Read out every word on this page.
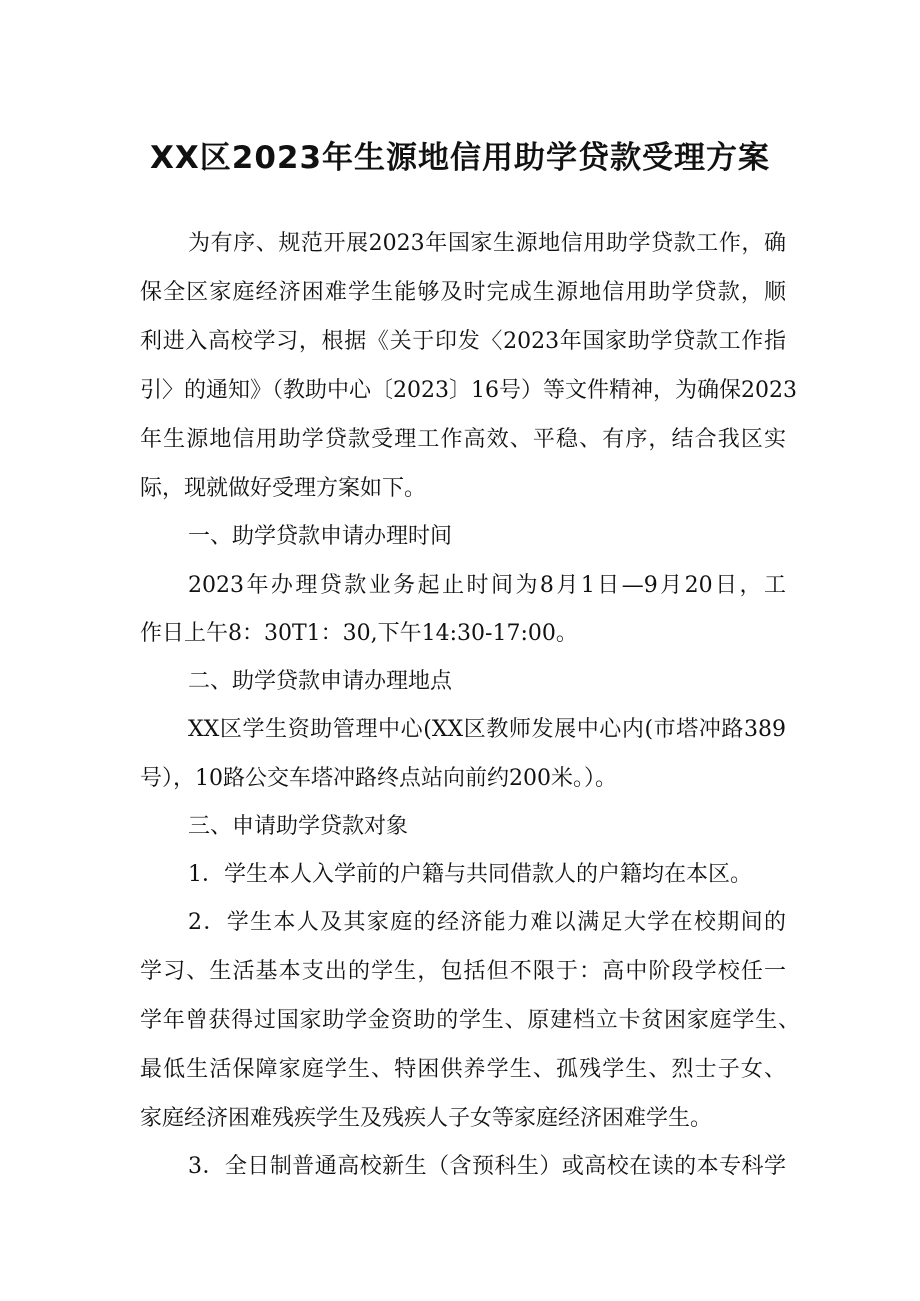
XX区2023年生源地信用助学贷款受理方案
为有序、规范开展2023年国家生源地信用助学贷款工作，确
保全区家庭经济困难学生能够及时完成生源地信用助学贷款，顺
利进入高校学习，根据《关于印发〈2023年国家助学贷款工作指
引〉的通知》（教助中心〔2023〕16号）等文件精神，为确保2023
年生源地信用助学贷款受理工作高效、平稳、有序，结合我区实
际，现就做好受理方案如下。
一、助学贷款申请办理时间
2023年办理贷款业务起止时间为8月1日—9月20日，工
作日上午8：30T1：30,下午14:30-17:00。
二、助学贷款申请办理地点
XX区学生资助管理中心(XX区教师发展中心内(市塔冲路389
号），10路公交车塔冲路终点站向前约200米。）。
三、申请助学贷款对象
1．学生本人入学前的户籍与共同借款人的户籍均在本区。
2．学生本人及其家庭的经济能力难以满足大学在校期间的
学习、生活基本支出的学生，包括但不限于：高中阶段学校任一
学年曾获得过国家助学金资助的学生、原建档立卡贫困家庭学生、
最低生活保障家庭学生、特困供养学生、孤残学生、烈士子女、
家庭经济困难残疾学生及残疾人子女等家庭经济困难学生。
3．全日制普通高校新生（含预科生）或高校在读的本专科学
